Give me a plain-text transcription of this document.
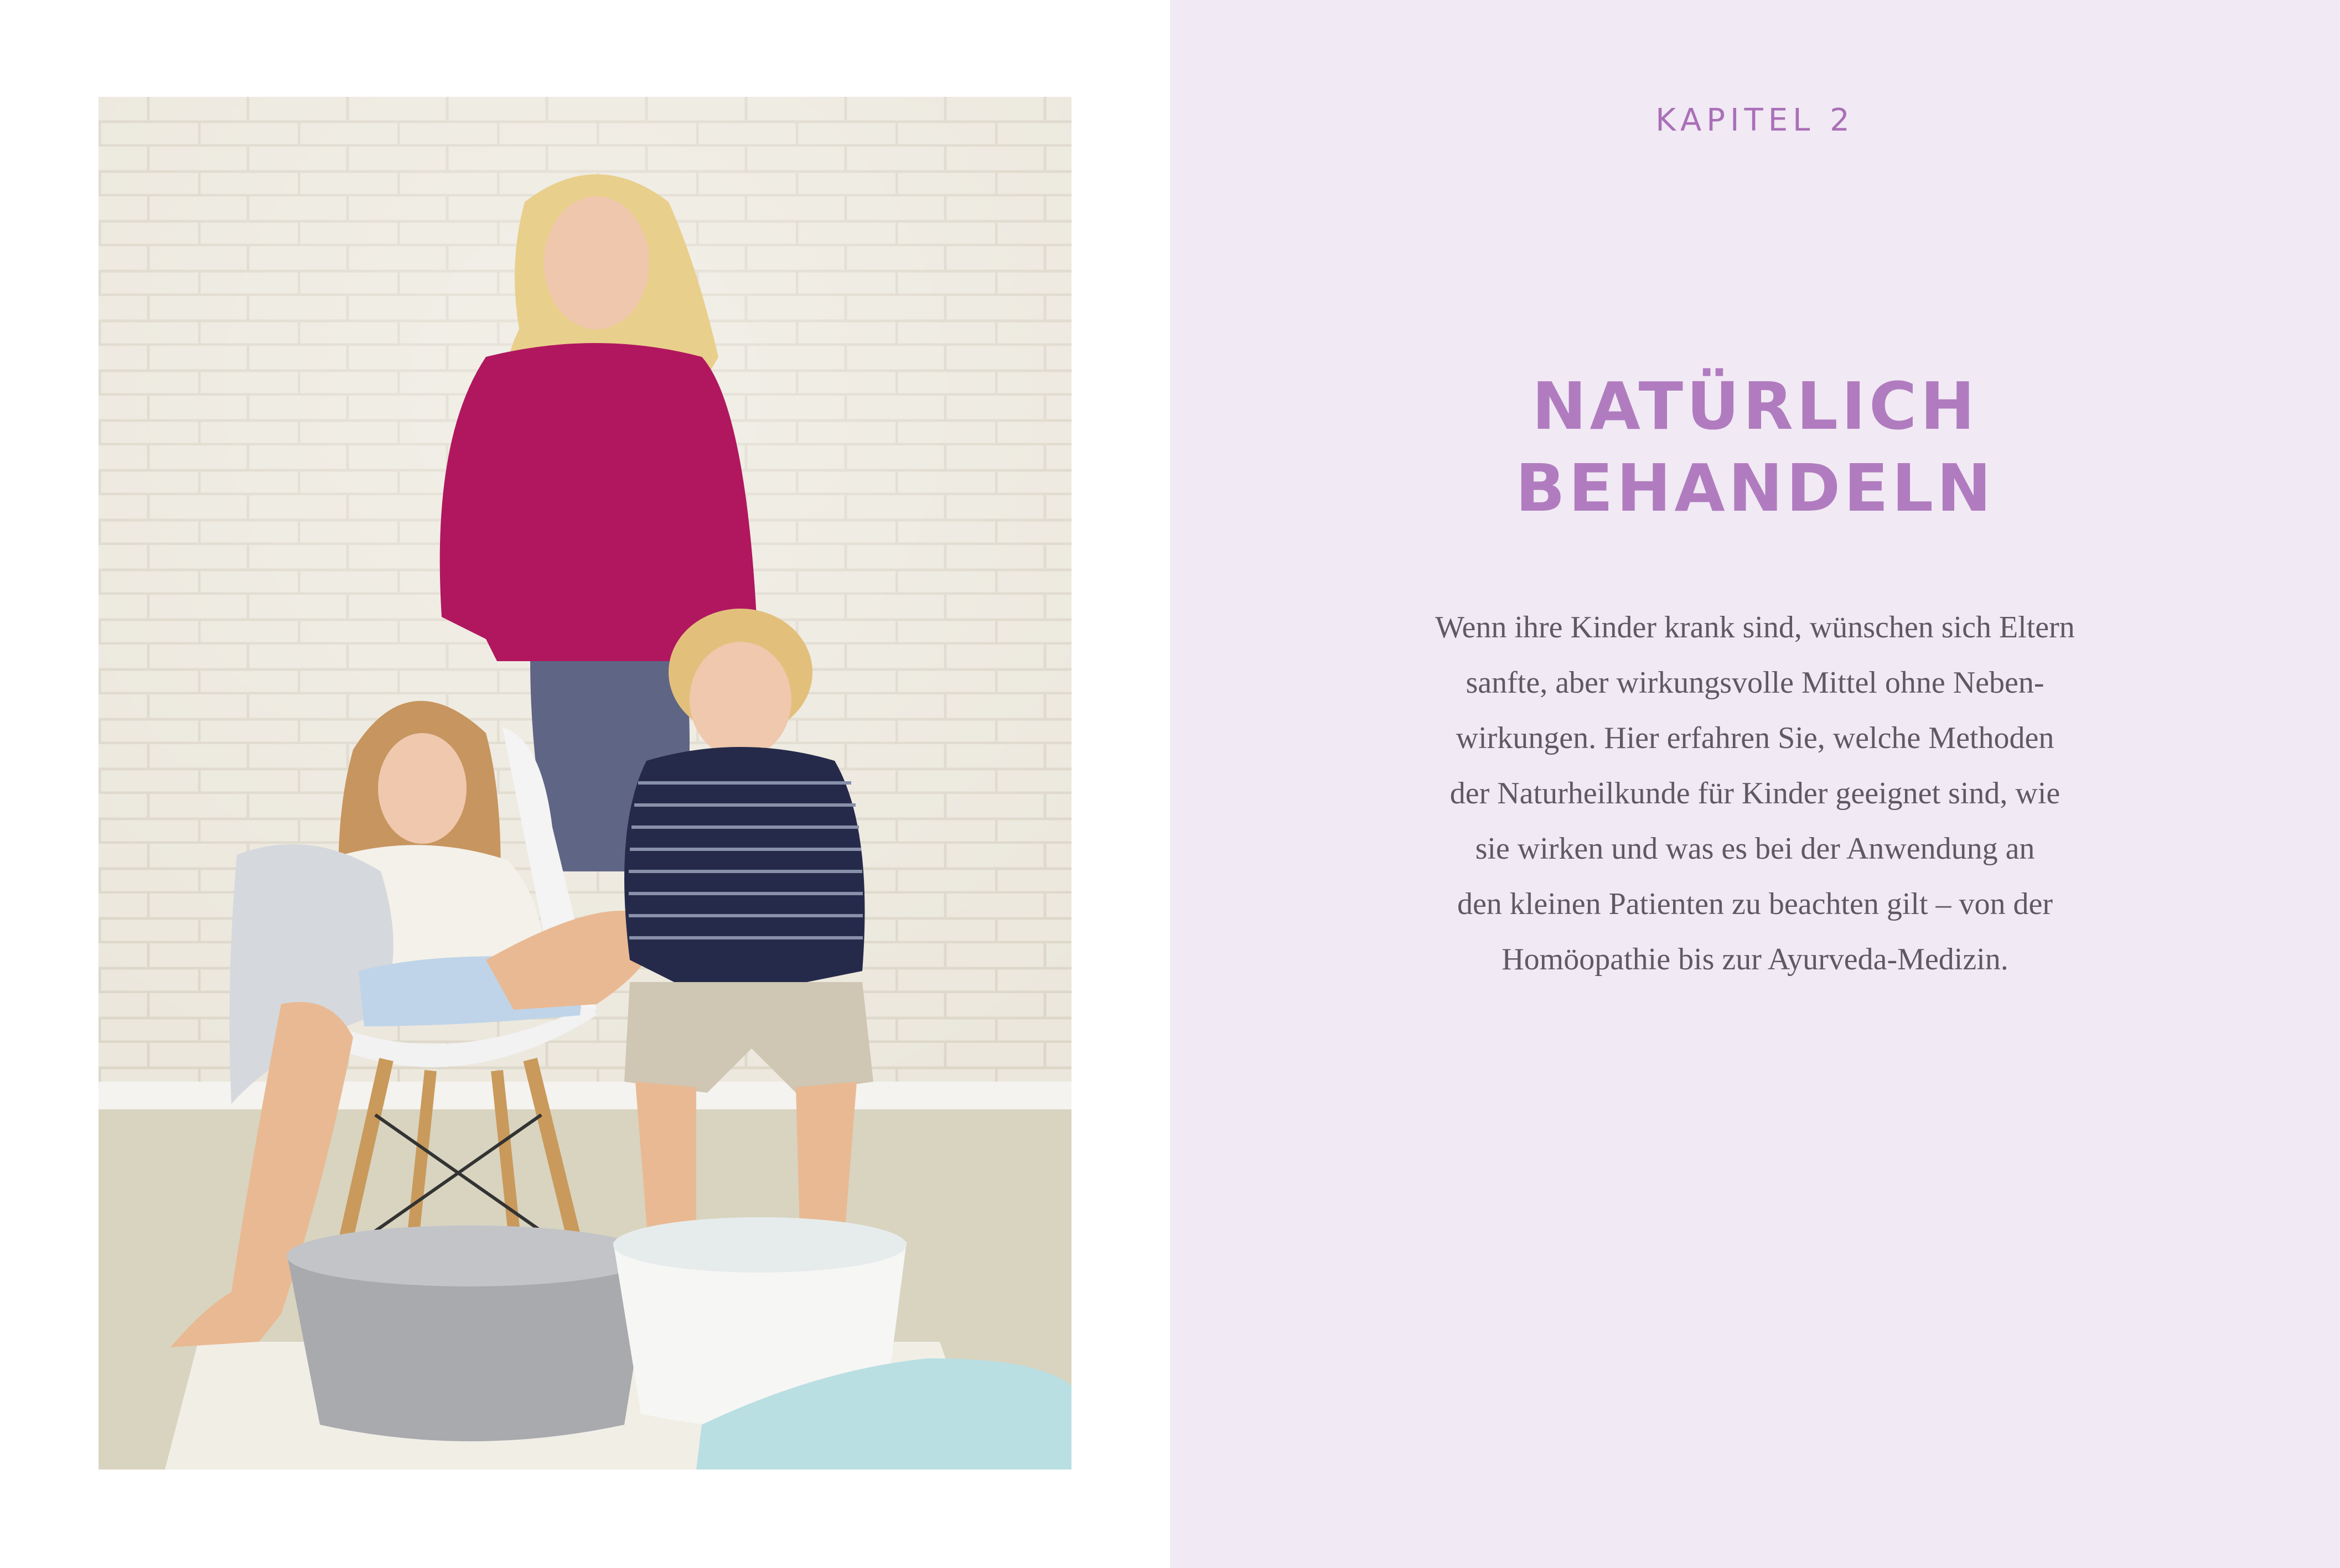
KAPITEL 2
NATÜRLICH
BEHANDELN

Wenn ihre Kinder krank sind, wünschen sich Eltern
sanfte, aber wirkungsvolle Mittel ohne Neben-
wirkungen. Hier erfahren Sie, welche Methoden
der Naturheilkunde für Kinder geeignet sind, wie
sie wirken und was es bei der Anwendung an
den kleinen Patienten zu beachten gilt – von der
Homöopathie bis zur Ayurveda-Medizin.
